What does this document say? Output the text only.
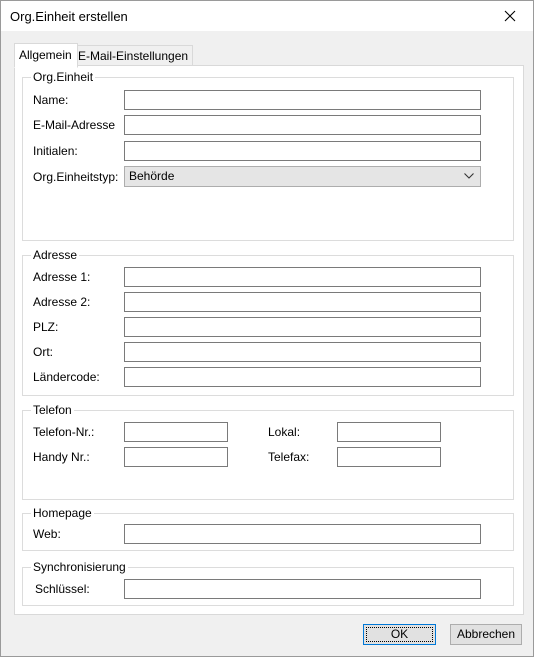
Org.Einheit erstellen
Allgemein E-Mail-Einstellungen
Org.Einheit
Name:
E-Mail-Adresse
Initialen:
Org.Einheitstyp: Behörde
Adresse
Adresse 1:
Adresse 2:
PLZ:
Ort:
Ländercode:
Telefon
Telefon-Nr.:	Lokal:
Handy Nr.:	Telefax:
Homepage
Web:
Synchronisierung
Schlüssel:
OK	Abbrechen
